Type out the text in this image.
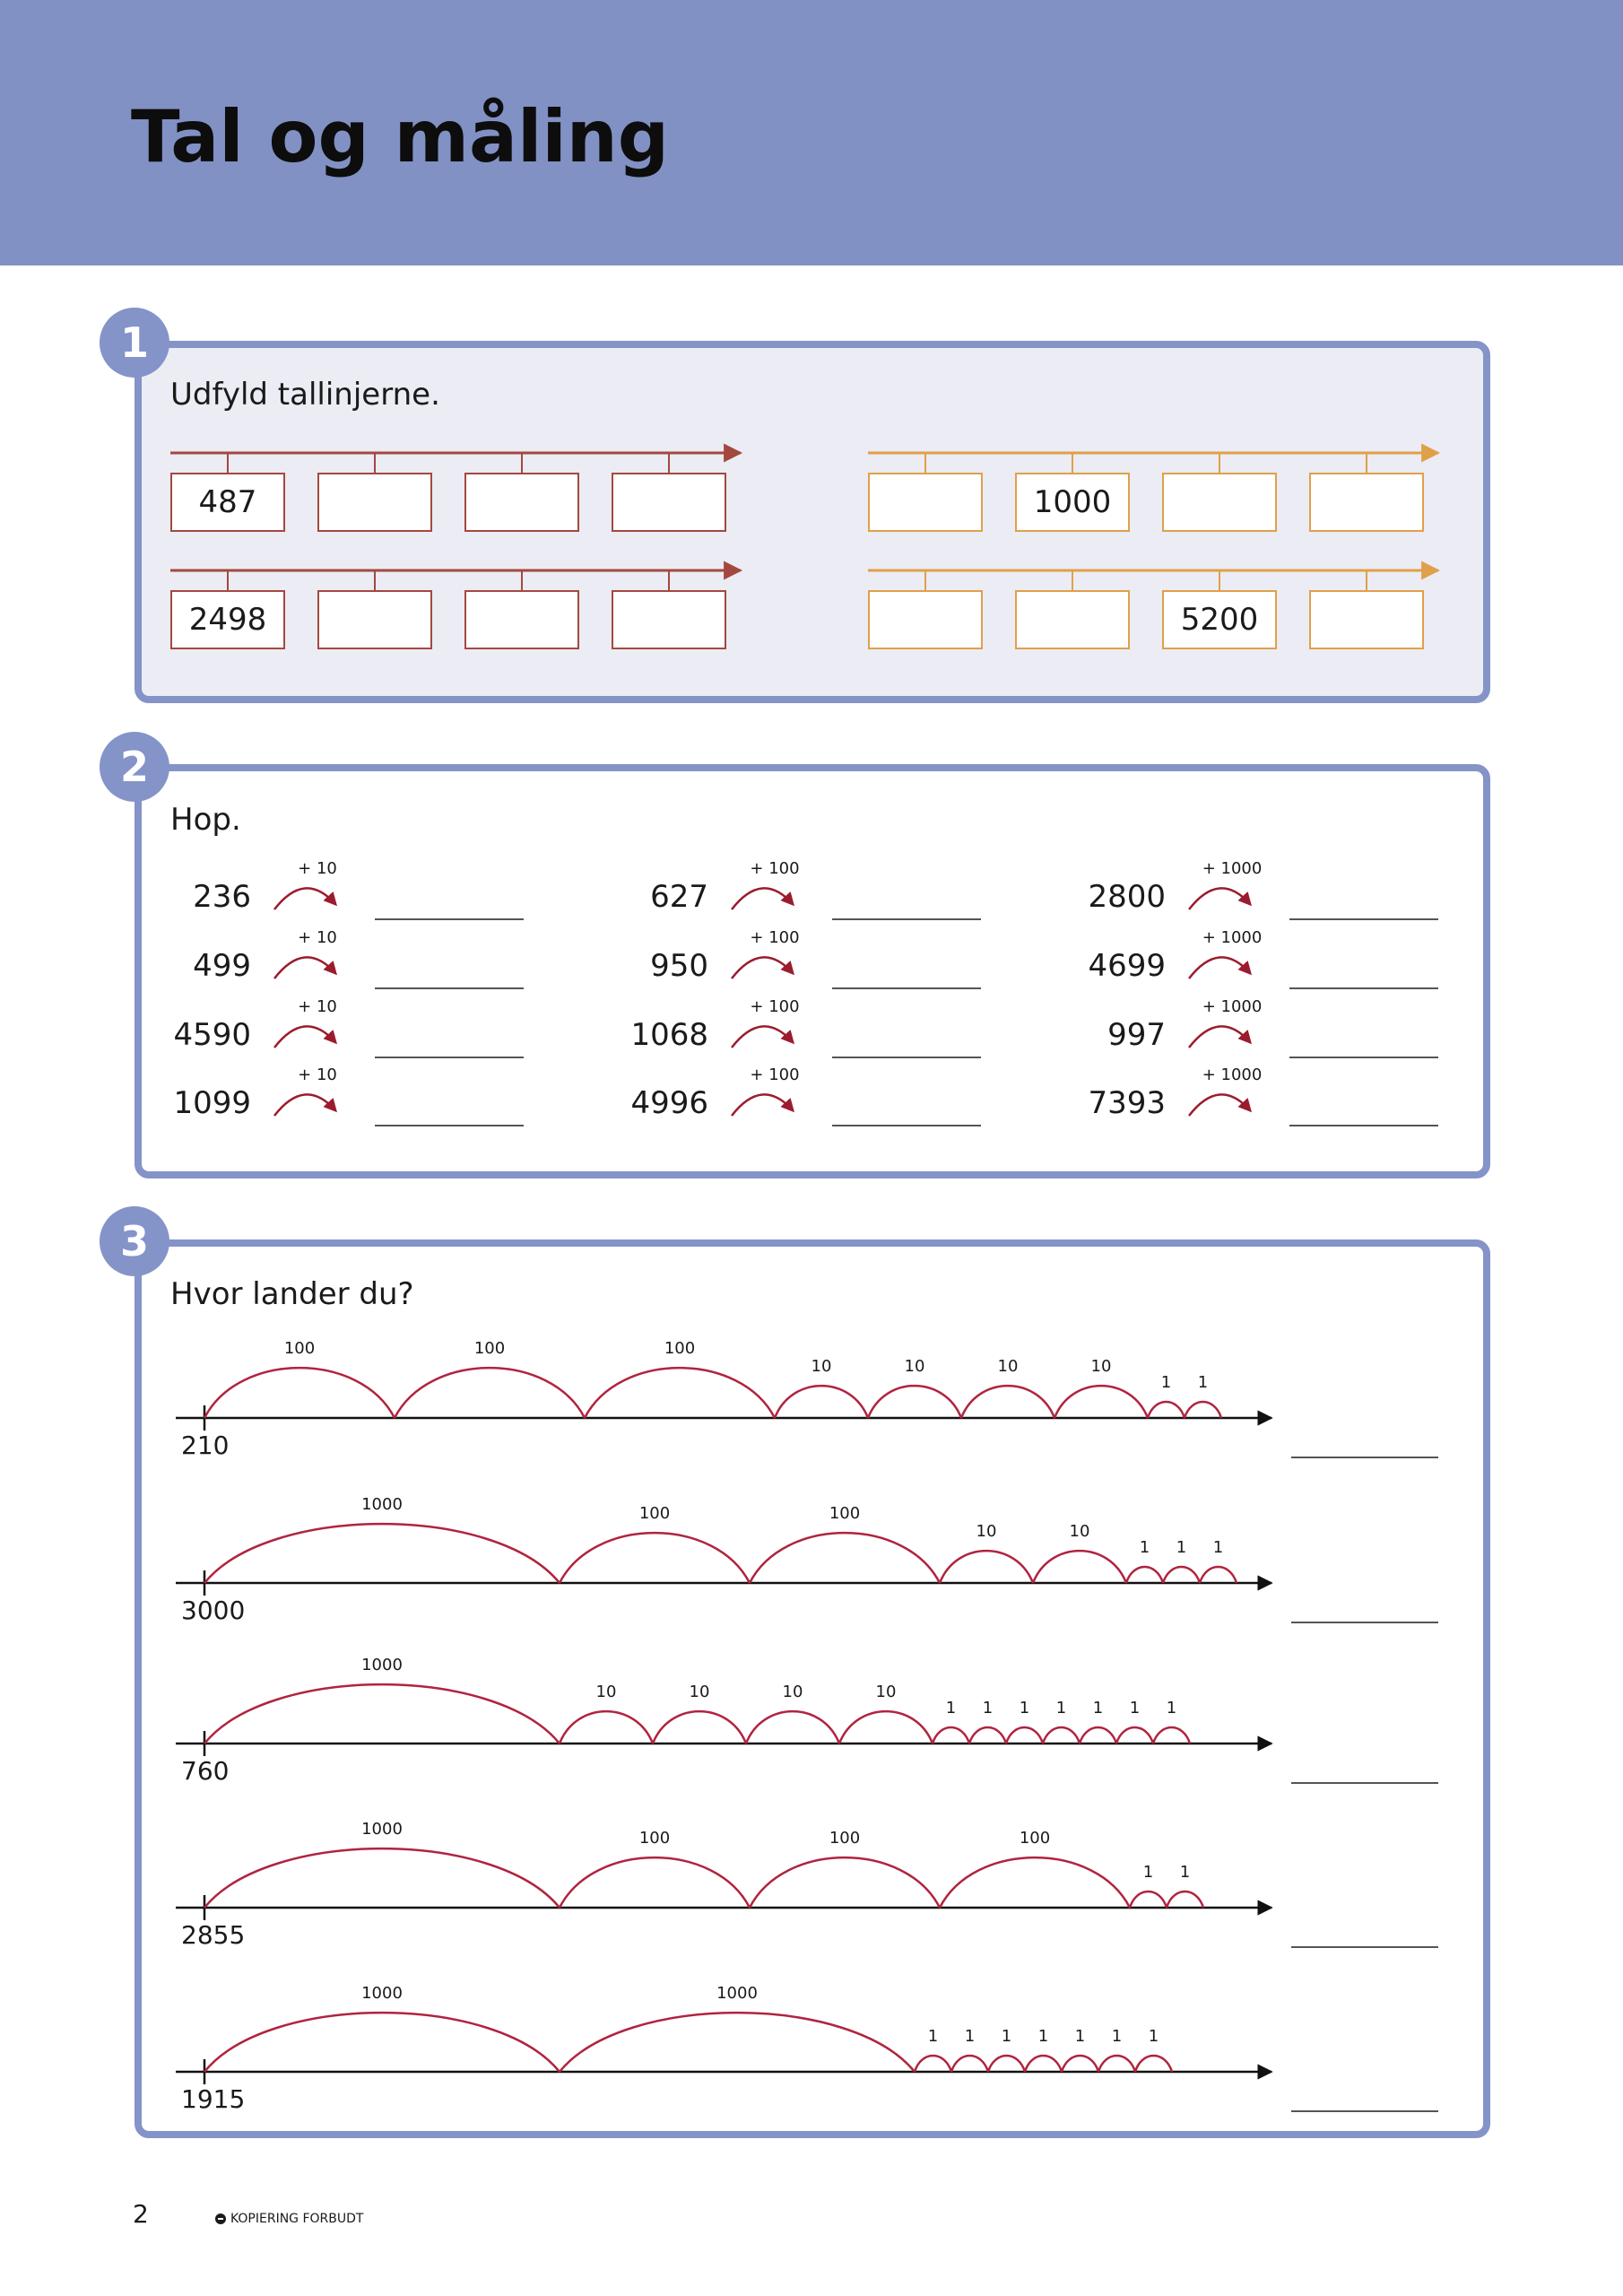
Tal og måling
1

Udfyld tallinjerne.

2

Hop.

3

Hvor lander du?

487	1000
2498	5200
+ 10
236
+ 10
499
+ 10
4590
+ 10
1099
+ 100
627
+ 100
950
+ 100
1068
+ 100
4996
+ 1000
2800
+ 1000
4699
+ 1000
997
+ 1000
7393
210
100	100	100
10	10	10	10
1	1
3000
1000	100	100
10	10
1	1	1
760
1000
10	10	10	10
1	1	1	1	1	1	1
2855
1000	100	100	100
1	1
1915
1000	1000
1	1	1	1	1	1	1
2	KOPIERING FORBUDT
